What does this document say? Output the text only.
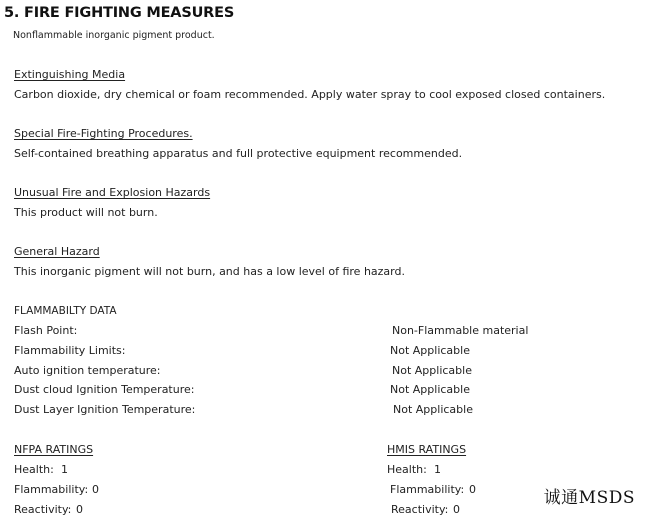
5. FIRE FIGHTING MEASURES
Nonflammable inorganic pigment product.
Extinguishing Media
Carbon dioxide, dry chemical or foam recommended. Apply water spray to cool exposed closed containers.
Special Fire-Fighting Procedures.
Self-contained breathing apparatus and full protective equipment recommended.
Unusual Fire and Explosion Hazards
This product will not burn.
General Hazard
This inorganic pigment will not burn, and has a low level of fire hazard.
FLAMMABILTY DATA
Flash Point:	Non-Flammable material
Flammability Limits:	Not Applicable
Auto ignition temperature:	Not Applicable
Dust cloud Ignition Temperature:	Not Applicable
Dust Layer Ignition Temperature:	Not Applicable
NFPA RATINGS
Health: 1
Flammability: 0
Reactivity: 0
HMIS RATINGS
Health: 1
Flammability: 0
Reactivity: 0
诚通MSDS
